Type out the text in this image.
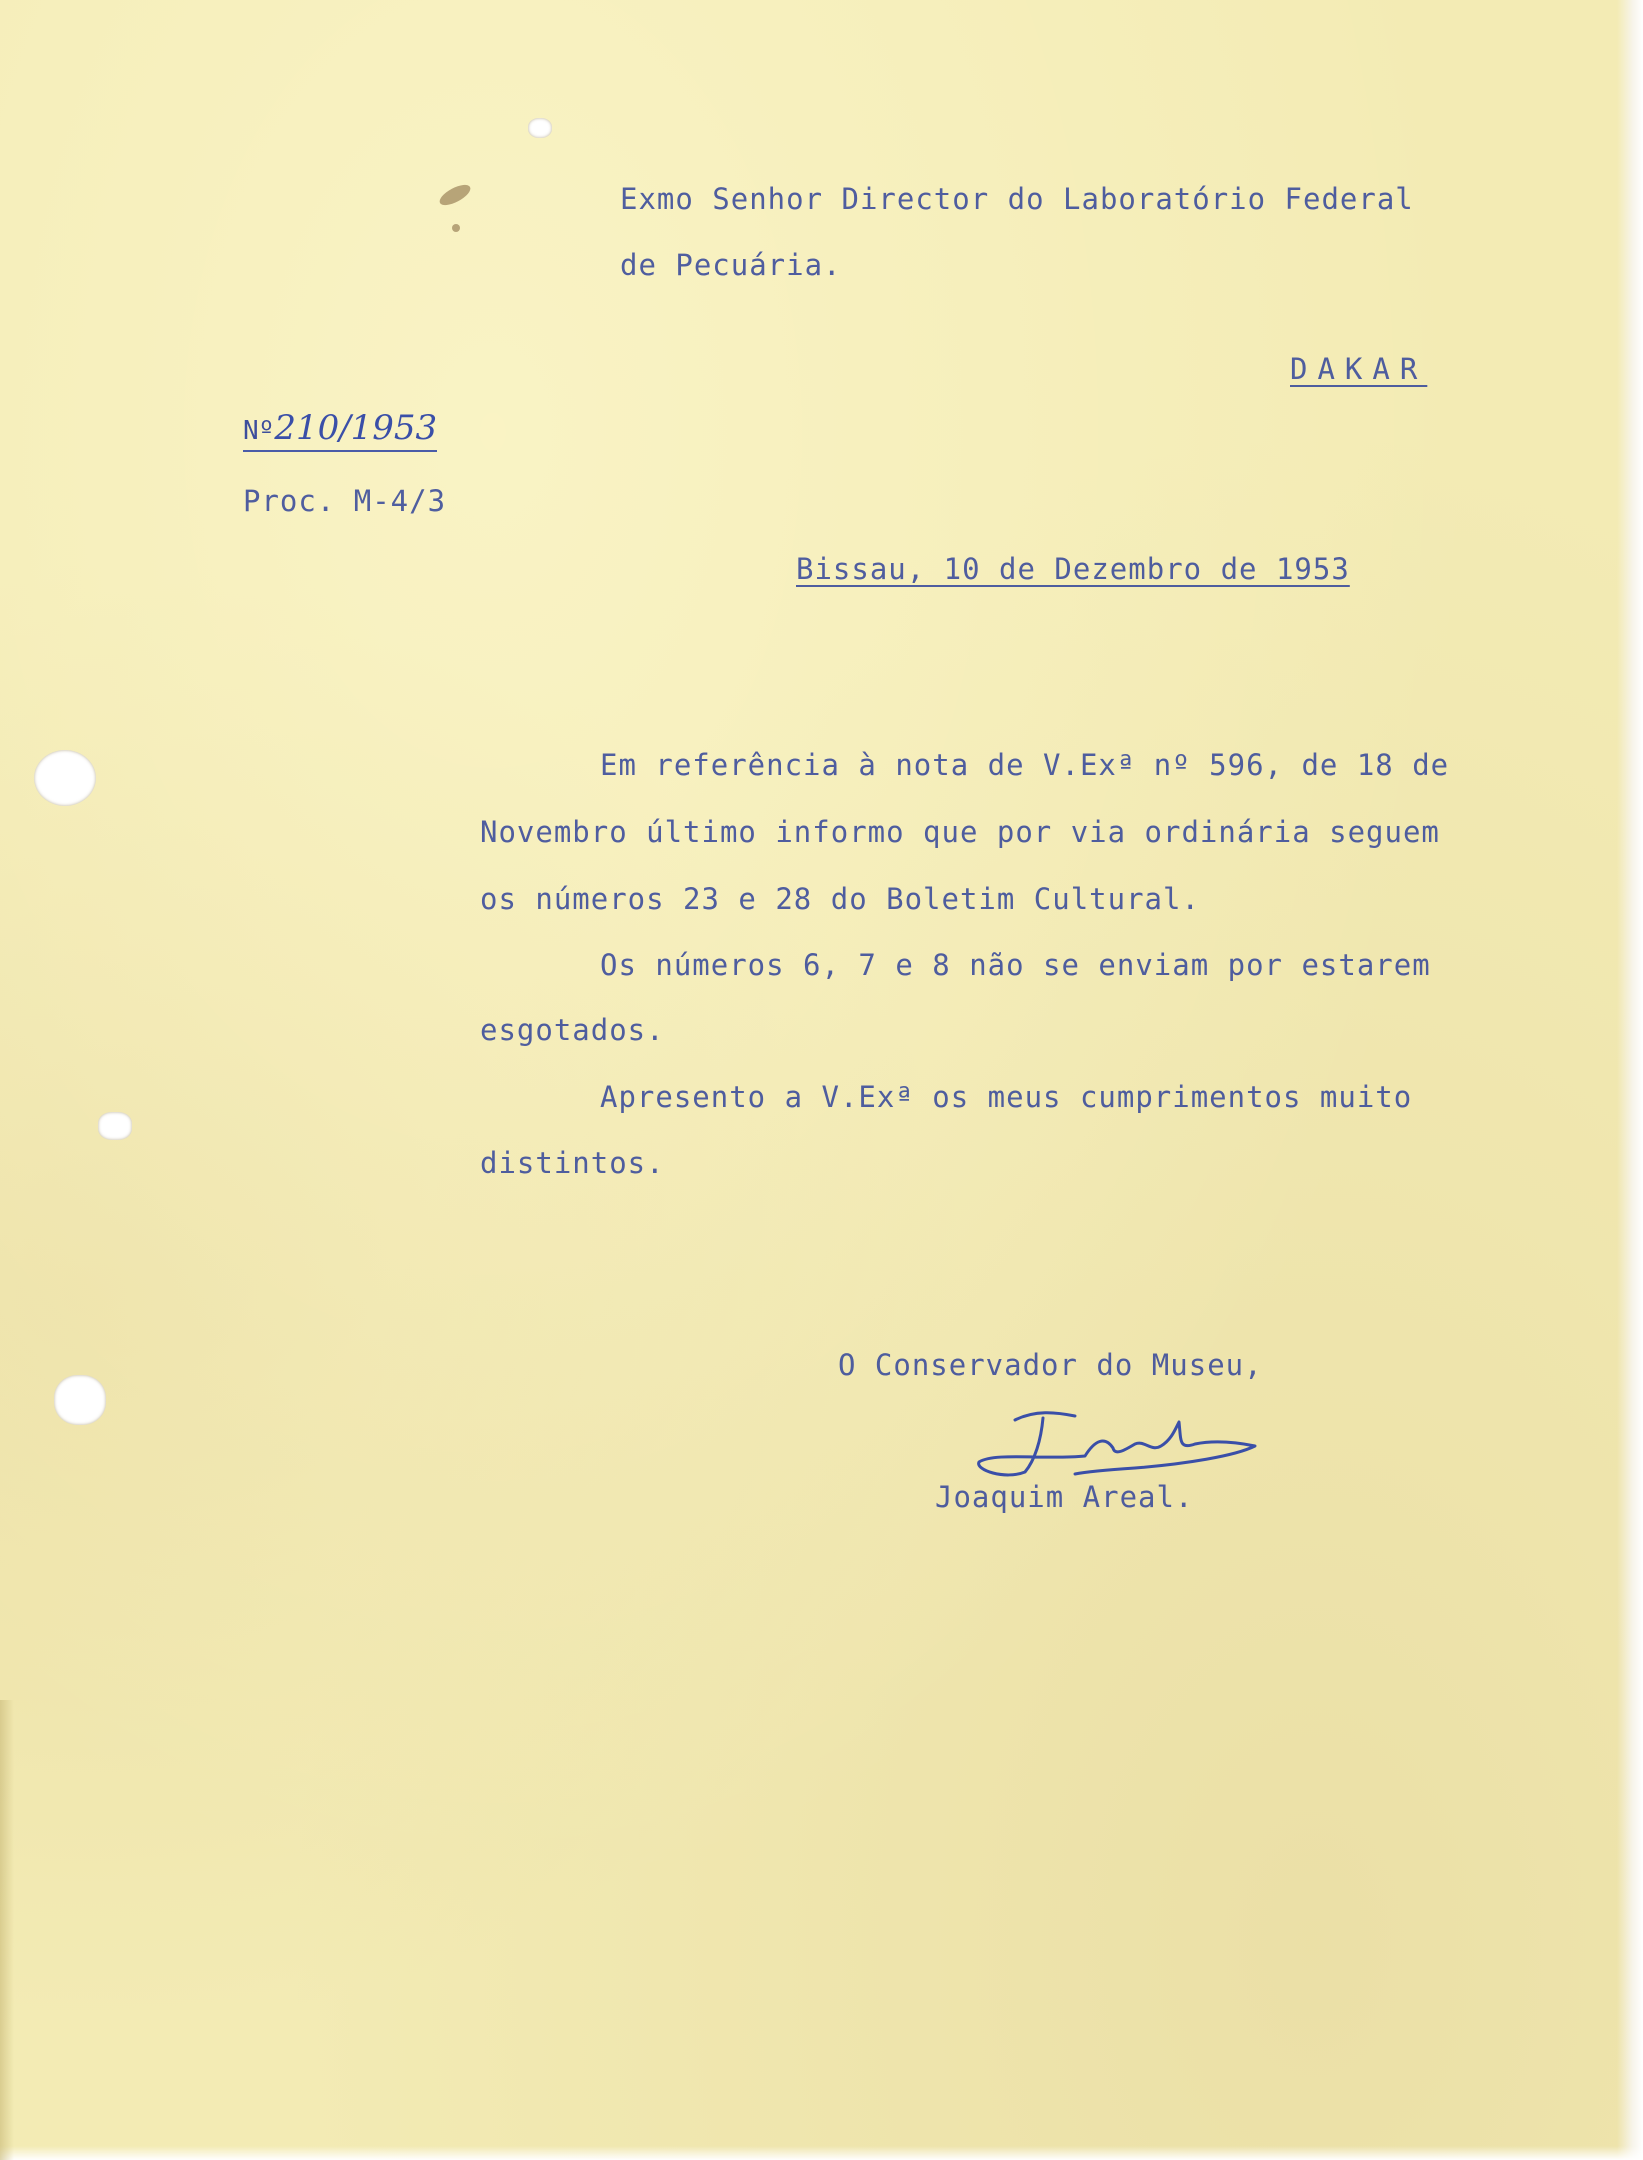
Exmo Senhor Director do Laboratório Federal
de Pecuária.
DAKAR
Nº210/1953
Proc. M-4/3
Bissau, 10 de Dezembro de 1953
Em referência à nota de V.Exª nº 596, de 18 de
Novembro último informo que por via ordinária seguem
os números 23 e 28 do Boletim Cultural.
Os números 6, 7 e 8 não se enviam por estarem
esgotados.
Apresento a V.Exª os meus cumprimentos muito
distintos.
O Conservador do Museu,
Joaquim Areal.
